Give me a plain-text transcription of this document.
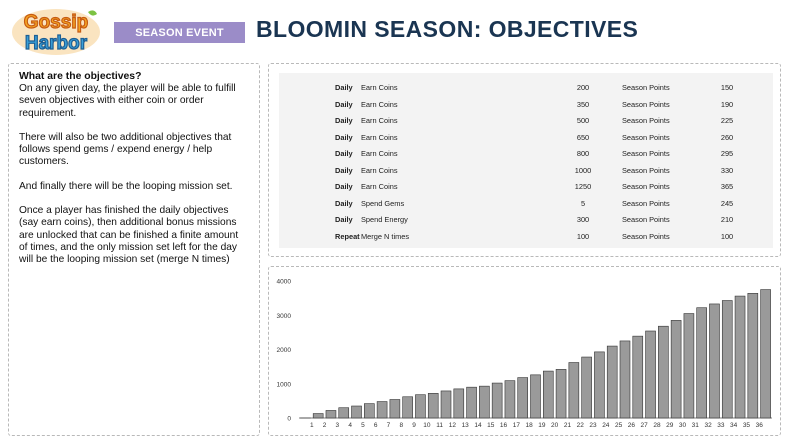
Gossip
Harbor
SEASON EVENT	BLOOMIN SEASON: OBJECTIVES
What are the objectives?

On any given day, the player will be able to fulfill seven objectives with either coin or order requirement.

There will also be two additional objectives that follows spend gems / expend energy / help customers.

And finally there will be the looping mission set.

Once a player has finished the daily objectives (say earn coins), then additional bonus missions are unlocked that can be finished a finite amount of times, and the only mission set left for the day will be the looping mission set (merge N times)

Daily Earn Coins	200	Season Points	150
Daily Earn Coins	350	Season Points	190
Daily Earn Coins	500	Season Points	225
Daily Earn Coins	650	Season Points	260
Daily Earn Coins	800	Season Points	295
Daily Earn Coins	1000	Season Points	330
Daily Earn Coins	1250	Season Points	365
Daily Spend Gems	5	Season Points	245
Daily Spend Energy	300	Season Points	210
Repeat Merge N times	100	Season Points	100
0
1000
2000
3000
4000
1 2 3 4 5 6 7 8 9 10 11 12 13 14 15 16 17 18 19 20 21 22 23 24 25 26 27 28 29 30 31 32 33 34 35 36
